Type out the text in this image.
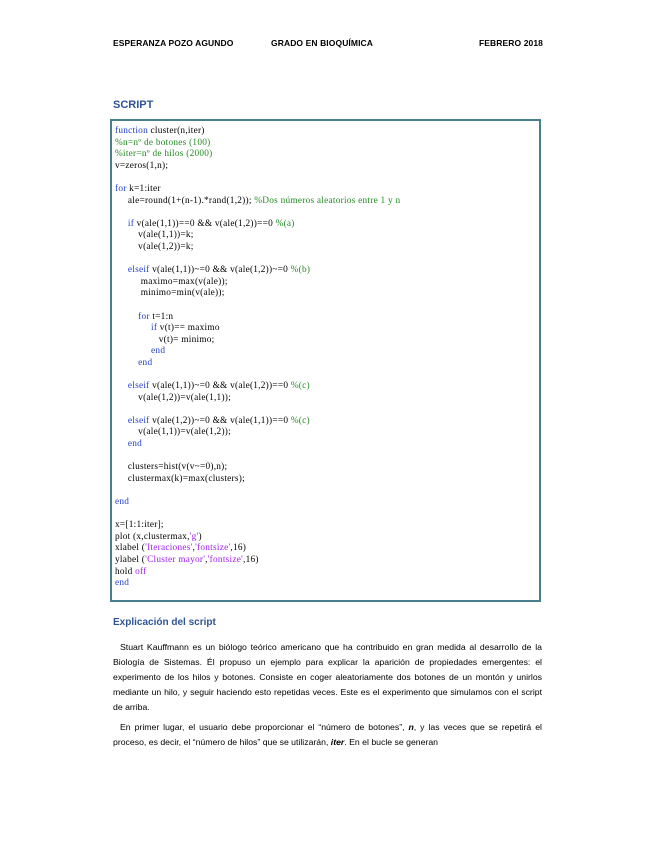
ESPERANZA POZO AGUNDO	GRADO EN BIOQUÍMICA	FEBRERO 2018
SCRIPT
function cluster(n,iter)
%n=nº de botones (100)
%iter=nº de hilos (2000)
v=zeros(1,n);
for k=1:iter
ale=round(1+(n-1).*rand(1,2)); %Dos números aleatorios entre 1 y n
if v(ale(1,1))==0 && v(ale(1,2))==0 %(a)
v(ale(1,1))=k;
v(ale(1,2))=k;
elseif v(ale(1,1))~=0 && v(ale(1,2))~=0 %(b)
maximo=max(v(ale));
minimo=min(v(ale));
for t=1:n
if v(t)== maximo
v(t)= minimo;
end
end
elseif v(ale(1,1))~=0 && v(ale(1,2))==0 %(c)
v(ale(1,2))=v(ale(1,1));
elseif v(ale(1,2))~=0 && v(ale(1,1))==0 %(c)
v(ale(1,1))=v(ale(1,2));
end
clusters=hist(v(v~=0),n);
clustermax(k)=max(clusters);
end
x=[1:1:iter];
plot (x,clustermax,'g')
xlabel ('Iteraciones','fontsize',16)
ylabel ('Cluster mayor','fontsize',16)
hold off
end
Explicación del script

Stuart Kauffmann es un biólogo teórico americano que ha contribuido en gran medida al desarrollo de la Biología de Sistemas. Él propuso un ejemplo para explicar la aparición de propiedades emergentes: el experimento de los hilos y botones. Consiste en coger aleatoriamente dos botones de un montón y unirlos mediante un hilo, y seguir haciendo esto repetidas veces. Este es el experimento que simulamos con el script de arriba.

En primer lugar, el usuario debe proporcionar el “número de botones”, n, y las veces que se repetirá el proceso, es decir, el “número de hilos” que se utilizarán, iter. En el bucle se generan
